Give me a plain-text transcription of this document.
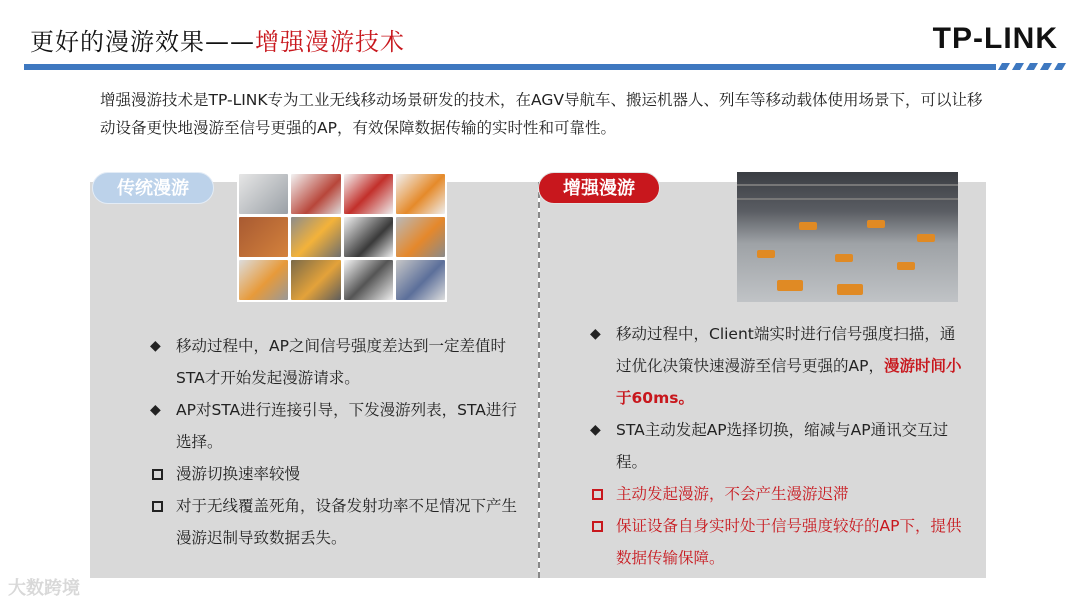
更好的漫游效果——增强漫游技术	TP-LINK

增强漫游技术是TP-LINK专为工业无线移动场景研发的技术，在AGV导航车、搬运机器人、列车等移动载体使用场景下，可以让移动设备更快地漫游至信号更强的AP，有效保障数据传输的实时性和可靠性。

传统漫游	增强漫游
◆ 移动过程中，AP之间信号强度差达到一定差值时STA才开始发起漫游请求。
◆ AP对STA进行连接引导，下发漫游列表，STA进行选择。
漫游切换速率较慢
对于无线覆盖死角，设备发射功率不足情况下产生漫游迟制导致数据丢失。
◆ 移动过程中，Client端实时进行信号强度扫描，通过优化决策快速漫游至信号更强的AP，漫游时间小于60ms。
◆ STA主动发起AP选择切换，缩减与AP通讯交互过程。
主动发起漫游，不会产生漫游迟滞
保证设备自身实时处于信号强度较好的AP下，提供数据传输保障。
大数跨境
